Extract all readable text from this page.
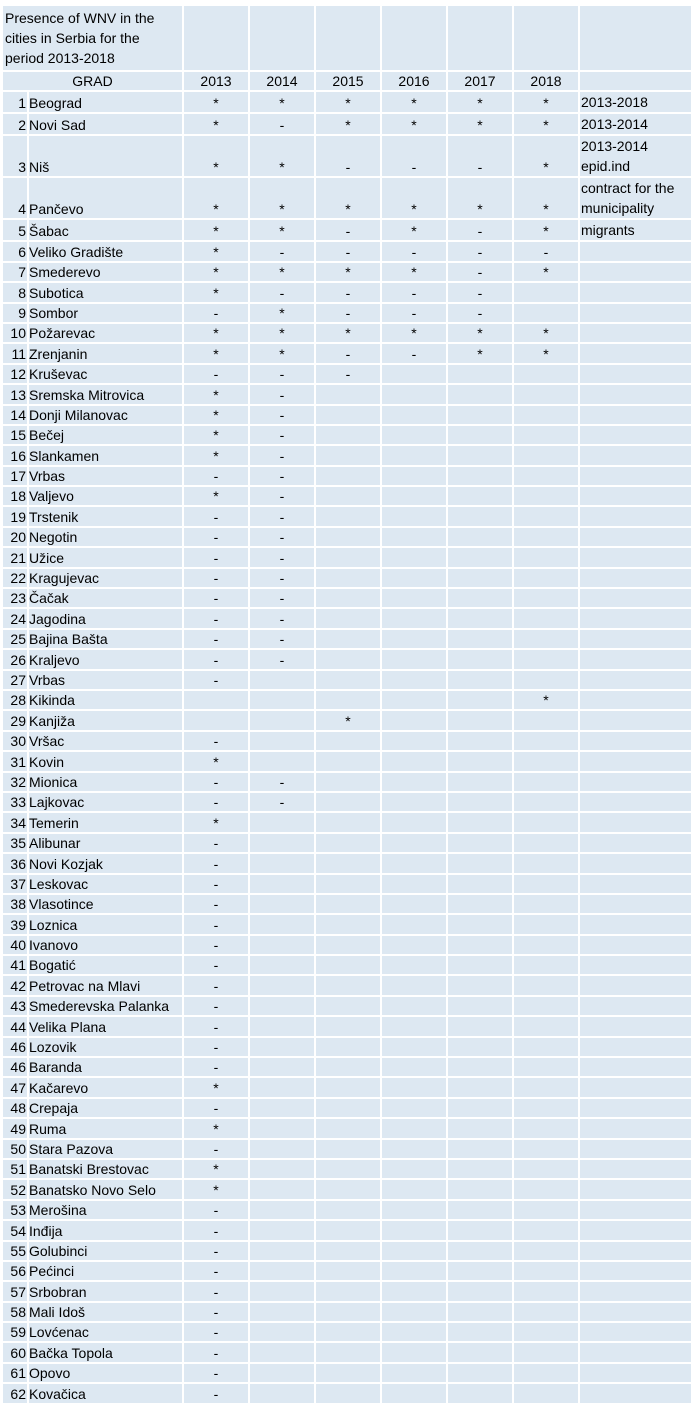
Presence of WNV in the cities in Serbia for the period 2013-2018								
GRAD		2013	2014	2015	2016	2017	2018	
1	Beograd	*	*	*	*	*	*	2013-2018

2	Novi Sad	*	-	*	*	*	*	2013-2014

3	Niš	*	*	-	-	-	*	2013-2014
epid.ind

4	Pančevo	*	*	*	*	*	*	contract for the
municipality

5	Šabac	*	*	-	*	-	*	migrants

6	Veliko Gradište	*	-	-	-	-	-	
7	Smederevo	*	*	*	*	-	*	
8	Subotica	*	-	-	-	-		
9	Sombor	-	*	-	-	-		
10	Požarevac	*	*	*	*	*	*	
11	Zrenjanin	*	*	-	-	*	*	
12	Kruševac	-	-	-				
13	Sremska Mitrovica	*	-					
14	Donji Milanovac	*	-					
15	Bečej	*	-					
16	Slankamen	*	-					
17	Vrbas	-	-					
18	Valjevo	*	-					
19	Trstenik	-	-					
20	Negotin	-	-					
21	Užice	-	-					
22	Kragujevac	-	-					
23	Čačak	-	-					
24	Jagodina	-	-					
25	Bajina Bašta	-	-					
26	Kraljevo	-	-					
27	Vrbas	-						
28	Kikinda						*	
29	Kanjiža			*				
30	Vršac	-						
31	Kovin	*						
32	Mionica	-	-					
33	Lajkovac	-	-					
34	Temerin	*						
35	Alibunar	-						
36	Novi Kozjak	-						
37	Leskovac	-						
38	Vlasotince	-						
39	Loznica	-						
40	Ivanovo	-						
41	Bogatić	-						
42	Petrovac na Mlavi	-						
43	Smederevska Palanka	-						
44	Velika Plana	-						
46	Lozovik	-						
46	Baranda	-						
47	Kačarevo	*						
48	Crepaja	-						
49	Ruma	*						
50	Stara Pazova	-						
51	Banatski Brestovac	*						
52	Banatsko Novo Selo	*						
53	Merošina	-						
54	Inđija	-						
55	Golubinci	-						
56	Pećinci	-						
57	Srbobran	-						
58	Mali Idoš	-						
59	Lovćenac	-						
60	Bačka Topola	-						
61	Opovo	-						
62	Kovačica	-						
